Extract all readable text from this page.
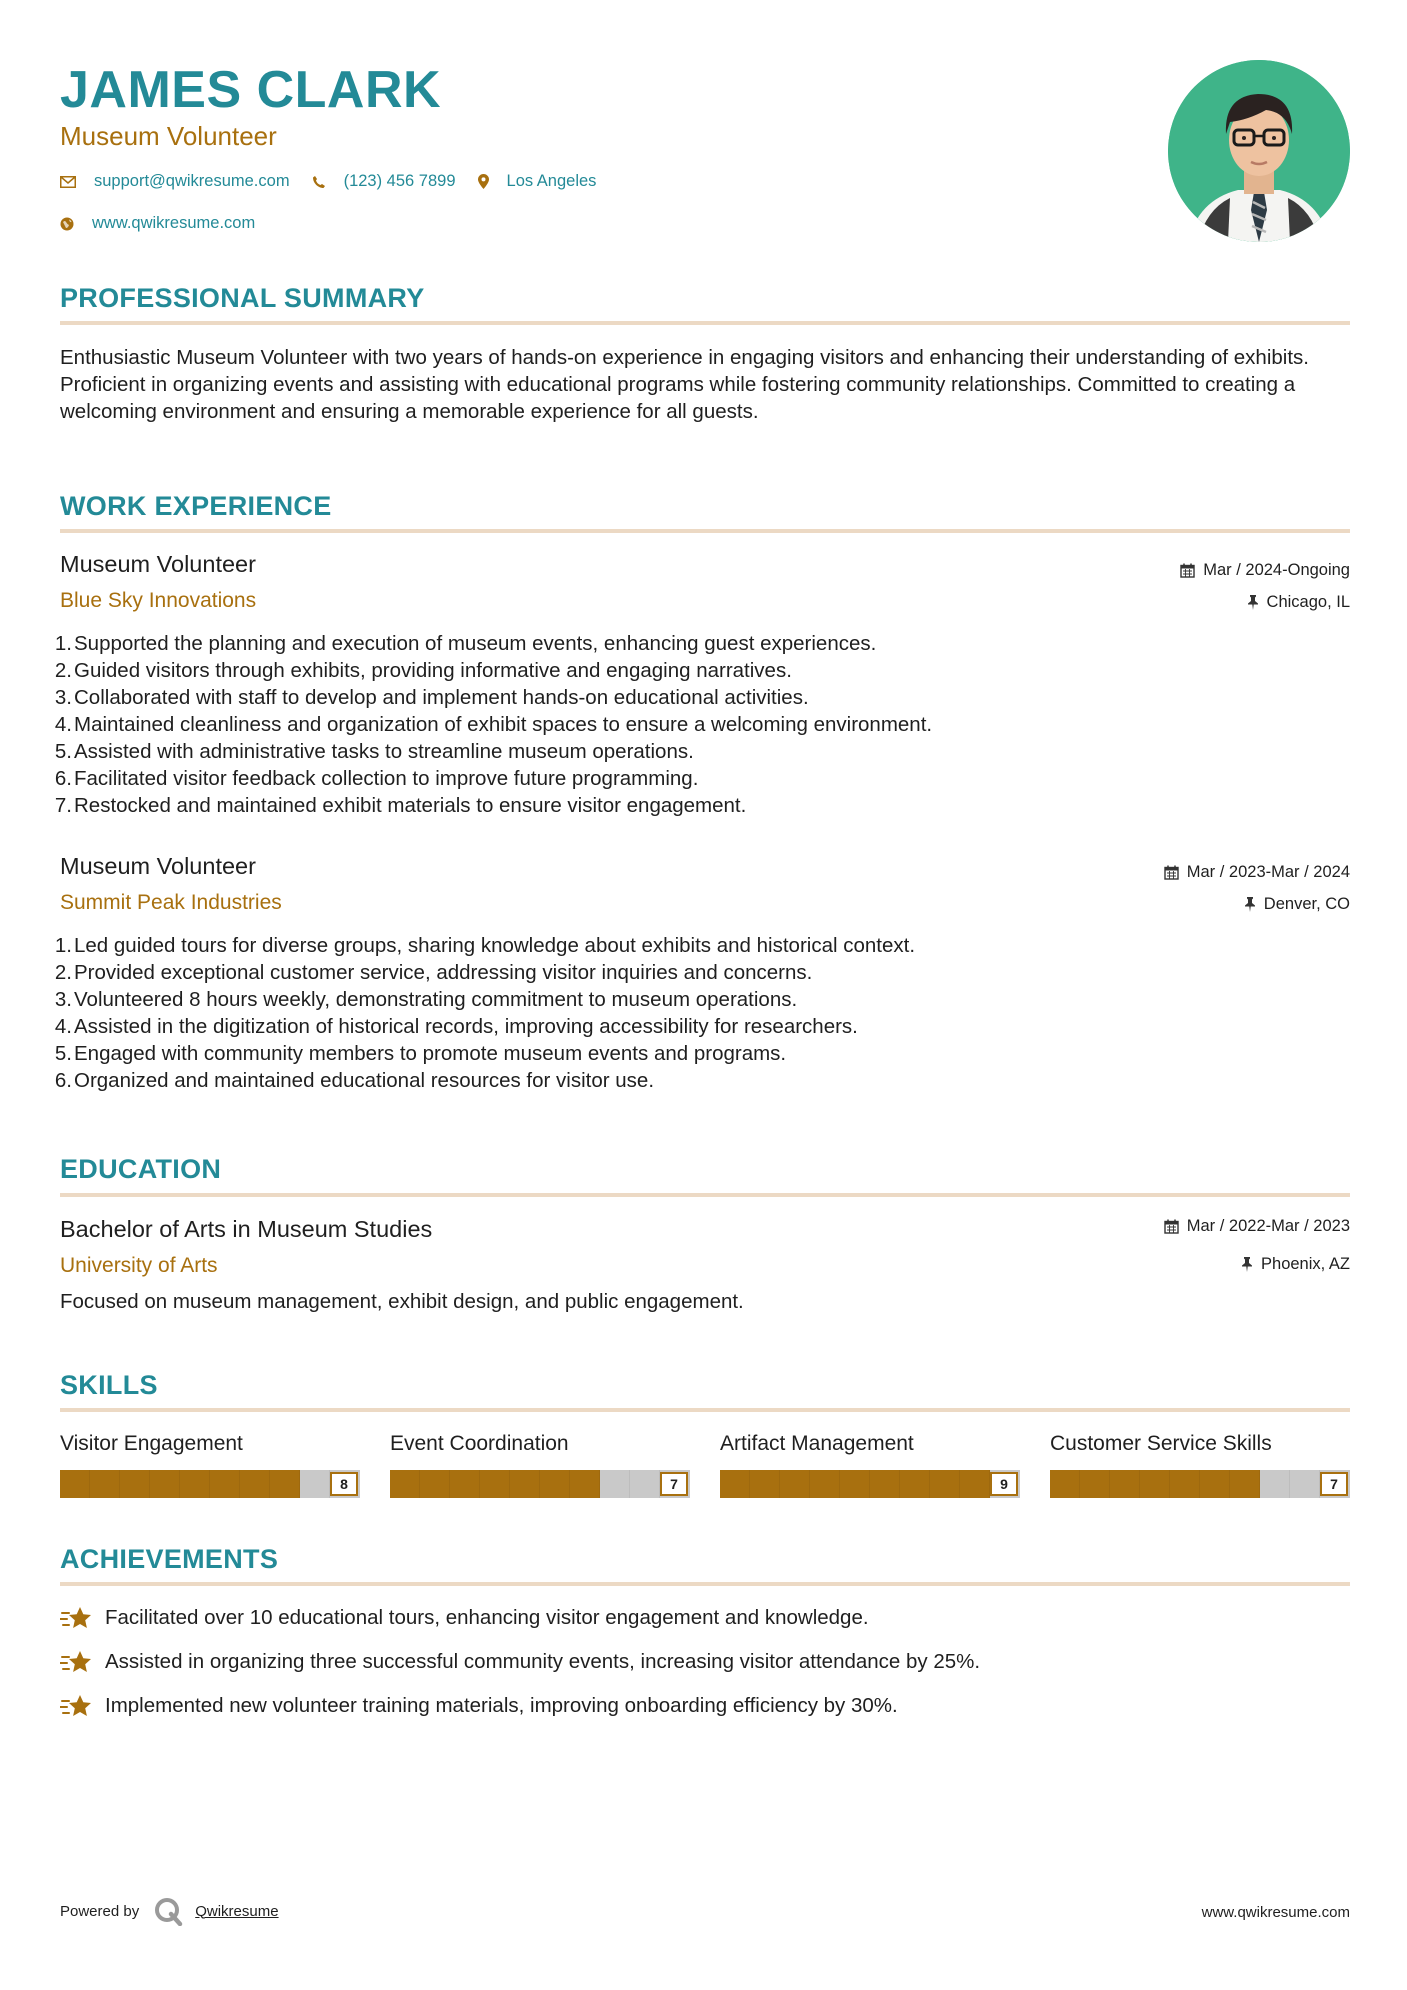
JAMES CLARK
Museum Volunteer
support@qwikresume.com	(123) 456 7899	Los Angeles
www.qwikresume.com
PROFESSIONAL SUMMARY
Enthusiastic Museum Volunteer with two years of hands-on experience in engaging visitors and enhancing their understanding of exhibits. Proficient in organizing events and assisting with educational programs while fostering community relationships. Committed to creating a welcoming environment and ensuring a memorable experience for all guests.
WORK EXPERIENCE
Museum Volunteer
Blue Sky Innovations
Mar / 2024-Ongoing
Chicago, IL
1. Supported the planning and execution of museum events, enhancing guest experiences.
2. Guided visitors through exhibits, providing informative and engaging narratives.
3. Collaborated with staff to develop and implement hands-on educational activities.
4. Maintained cleanliness and organization of exhibit spaces to ensure a welcoming environment.
5. Assisted with administrative tasks to streamline museum operations.
6. Facilitated visitor feedback collection to improve future programming.
7. Restocked and maintained exhibit materials to ensure visitor engagement.
Museum Volunteer
Summit Peak Industries
Mar / 2023-Mar / 2024
Denver, CO
1. Led guided tours for diverse groups, sharing knowledge about exhibits and historical context.
2. Provided exceptional customer service, addressing visitor inquiries and concerns.
3. Volunteered 8 hours weekly, demonstrating commitment to museum operations.
4. Assisted in the digitization of historical records, improving accessibility for researchers.
5. Engaged with community members to promote museum events and programs.
6. Organized and maintained educational resources for visitor use.
EDUCATION
Bachelor of Arts in Museum Studies
University of Arts
Mar / 2022-Mar / 2023
Phoenix, AZ
Focused on museum management, exhibit design, and public engagement.
SKILLS
Visitor Engagement
8
Event Coordination
7
Artifact Management
9
Customer Service Skills
7
ACHIEVEMENTS
Facilitated over 10 educational tours, enhancing visitor engagement and knowledge.
Assisted in organizing three successful community events, increasing visitor attendance by 25%.
Implemented new volunteer training materials, improving onboarding efficiency by 30%.
Powered by	Qwikresume	www.qwikresume.com
